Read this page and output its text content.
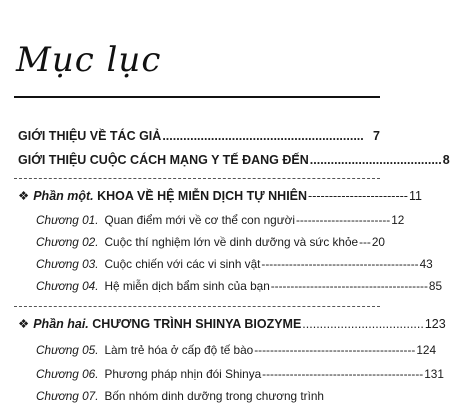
Mục lục
GIỚI THIỆU VỀ TÁC GIẢ .......................................................... 7
GIỚI THIỆU CUỘC CÁCH MẠNG Y TẾ ĐANG ĐẾN ...................................... 8
❖ Phần một.
KHOA VỀ HỆ MIỄN DỊCH TỰ NHIÊN ------------------------ 11
Chương 01. Quan điểm mới về cơ thể con người ------------------------ 12
Chương 02. Cuộc thí nghiệm lớn về dinh dưỡng và sức khỏe --- 20
Chương 03. Cuộc chiến với các vi sinh vật ---------------------------------------- 43
Chương 04. Hệ miễn dịch bẩm sinh của bạn ---------------------------------------- 85
❖ Phần hai.
CHƯƠNG TRÌNH SHINYA BIOZYME ................................... 123
Chương 05. Làm trẻ hóa ở cấp độ tế bào ----------------------------------------- 124
Chương 06. Phương pháp nhịn đói Shinya ----------------------------------------- 131
Chương 07. Bốn nhóm dinh dưỡng trong chương trình
